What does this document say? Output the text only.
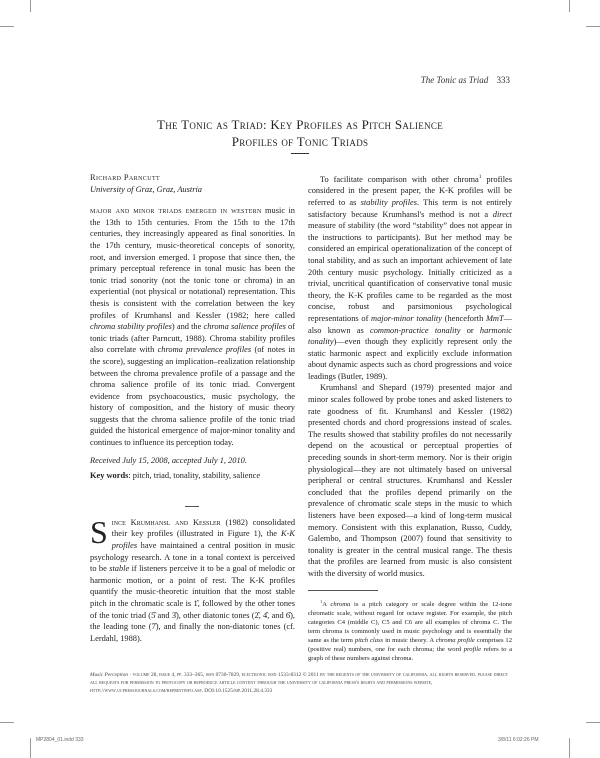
The Tonic as Triad 333
The Tonic as Triad: Key Profiles as Pitch Salience
Profiles of Tonic Triads
Richard Parncutt
University of Graz, Graz, Austria
major and minor triads emerged in western music in the 13th to 15th centuries. From the 15th to the 17th centuries, they increasingly appeared as final sonorities. In the 17th century, music-theoretical concepts of sonority, root, and inversion emerged. I propose that since then, the primary perceptual reference in tonal music has been the tonic triad sonority (not the tonic tone or chroma) in an experiential (not physical or notational) representation. This thesis is consistent with the correlation between the key profiles of Krumhansl and Kessler (1982; here called chroma stability profiles) and the chroma salience profiles of tonic triads (after Parncutt, 1988). Chroma stability profiles also correlate with chroma prevalence profiles (of notes in the score), suggesting an implication–realization relationship between the chroma prevalence profile of a passage and the chroma salience profile of its tonic triad. Convergent evidence from psychoacoustics, music psychology, the history of composition, and the history of music theory suggests that the chroma salience profile of the tonic triad guided the historical emergence of major-minor tonality and continues to influence its perception today.
Received July 15, 2008, accepted July 1, 2010.
Key words: pitch, triad, tonality, stability, salience
Since Krumhansl and Kessler (1982) consolidated their key profiles (illustrated in Figure 1), the K-K profiles have maintained a central position in music psychology research. A tone in a tonal context is perceived to be stable if listeners perceive it to be a goal of melodic or harmonic motion, or a point of rest. The K-K profiles quantify the music-theoretic intuition that the most stable pitch in the chromatic scale is 1̂, followed by the other tones of the tonic triad (5̂ and 3̂), other diatonic tones (2̂, 4̂, and 6̂), the leading tone (7̂), and finally the non-diatonic tones (cf. Lerdahl, 1988).
To facilitate comparison with other chroma$^1$ profiles considered in the present paper, the K-K profiles will be referred to as stability profiles. This term is not entirely satisfactory because Krumhansl's method is not a direct measure of stability (the word “stability” does not appear in the instructions to participants). But her method may be considered an empirical operationalization of the concept of tonal stability, and as such an important achievement of late 20th century music psychology. Initially criticized as a trivial, uncritical quantification of conservative tonal music theory, the K-K profiles came to be regarded as the most concise, robust and parsimonious psychological representations of major-minor tonality (henceforth MmT—also known as common-practice tonality or harmonic tonality)—even though they explicitly represent only the static harmonic aspect and explicitly exclude information about dynamic aspects such as chord progressions and voice leadings (Butler, 1989).
Krumhansl and Shepard (1979) presented major and minor scales followed by probe tones and asked listeners to rate goodness of fit. Krumhansl and Kessler (1982) presented chords and chord progressions instead of scales. The results showed that stability profiles do not necessarily depend on the acoustical or perceptual properties of preceding sounds in short-term memory. Nor is their origin physiological—they are not ultimately based on universal peripheral or central structures. Krumhansl and Kessler concluded that the profiles depend primarily on the prevalence of chromatic scale steps in the music to which listeners have been exposed—a kind of long-term musical memory. Consistent with this explanation, Russo, Cuddy, Galembo, and Thompson (2007) found that sensitivity to tonality is greater in the central musical range. The thesis that the profiles are learned from music is also consistent with the diversity of world musics.
$^1$A chroma is a pitch category or scale degree within the 12-tone chromatic scale, without regard for octave register. For example, the pitch categories C4 (middle C), C5 and C6 are all examples of chroma C. The term chroma is commonly used in music psychology and is essentially the same as the term pitch class in music theory. A chroma profile comprises 12 (positive real) numbers, one for each chroma; the word profile refers to a graph of these numbers against chroma.
Music Perception · volume 28, issue 4, pp. 333–365, issn 0730-7829, electronic issn 1533-8312 © 2011 by the regents of the university of california. all rights reserved. please direct all requests for permission to photocopy or reproduce article content through the university of california press's rights and permissions website, http://www.ucpressjournals.com/reprintinfo.asp. DOI:10.1525/mp.2011.28.4.333
MP2804_01.indd 333	3/8/11 6:02:26 PM
